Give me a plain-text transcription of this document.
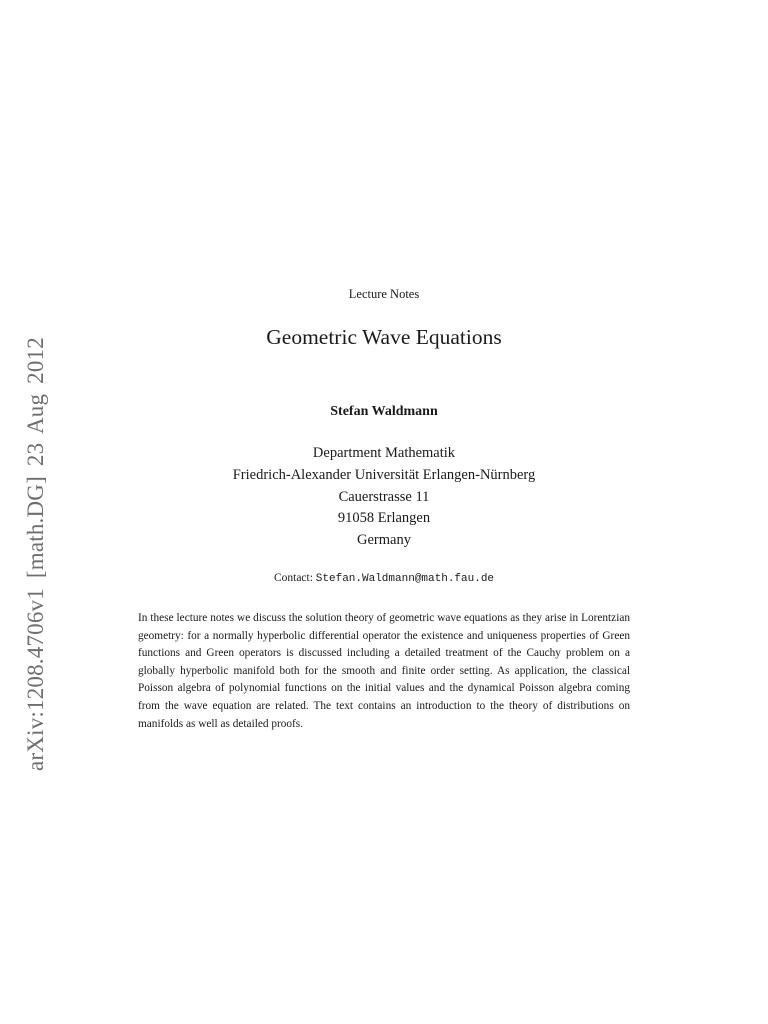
arXiv:1208.4706v1 [math.DG] 23 Aug 2012
Lecture Notes
Geometric Wave Equations
Stefan Waldmann
Department Mathematik
Friedrich-Alexander Universität Erlangen-Nürnberg
Cauerstrasse 11
91058 Erlangen
Germany
Contact: Stefan.Waldmann@math.fau.de

In these lecture notes we discuss the solution theory of geometric wave equations as they arise in Lorentzian geometry: for a normally hyperbolic differential operator the existence and uniqueness properties of Green functions and Green operators is discussed including a detailed treatment of the Cauchy problem on a globally hyperbolic manifold both for the smooth and finite order setting. As application, the classical Poisson algebra of polynomial functions on the initial values and the dynamical Poisson algebra coming from the wave equation are related. The text contains an introduction to the theory of distributions on manifolds as well as detailed proofs.
